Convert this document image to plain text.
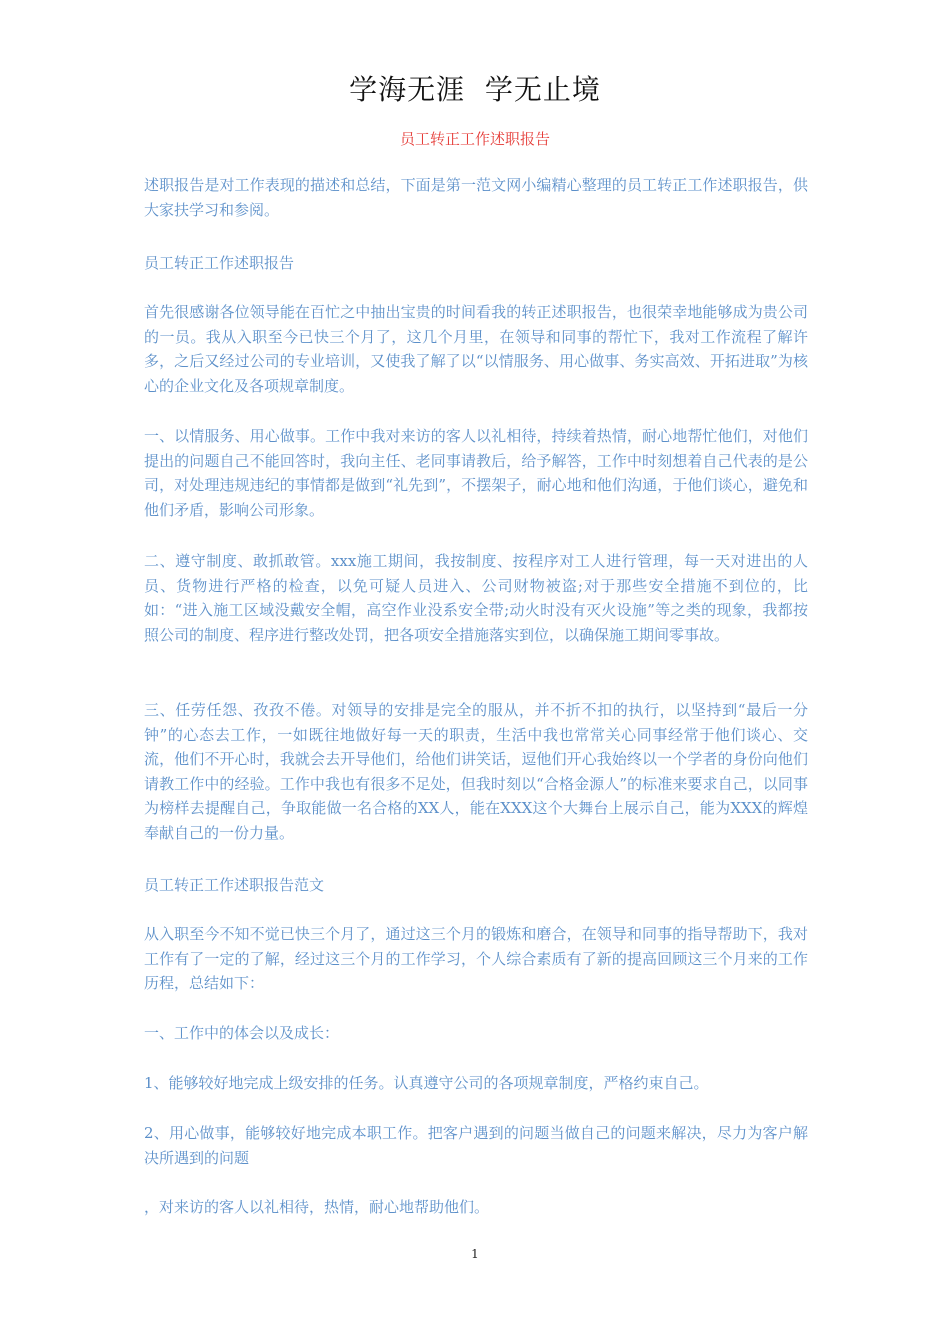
学海无涯  学无止境
员工转正工作述职报告

述职报告是对工作表现的描述和总结，下面是第一范文网小编精心整理的员工转正工作述职报告，供大家扶学习和参阅。

员工转正工作述职报告

首先很感谢各位领导能在百忙之中抽出宝贵的时间看我的转正述职报告，也很荣幸地能够成为贵公司的一员。我从入职至今已快三个月了，这几个月里，在领导和同事的帮忙下，我对工作流程了解许多，之后又经过公司的专业培训，又使我了解了以“以情服务、用心做事、务实高效、开拓进取”为核心的企业文化及各项规章制度。

一、以情服务、用心做事。工作中我对来访的客人以礼相待，持续着热情，耐心地帮忙他们，对他们提出的问题自己不能回答时，我向主任、老同事请教后，给予解答，工作中时刻想着自己代表的是公司，对处理违规违纪的事情都是做到“礼先到”，不摆架子，耐心地和他们沟通，于他们谈心，避免和他们矛盾，影响公司形象。

二、遵守制度、敢抓敢管。xxx施工期间，我按制度、按程序对工人进行管理，每一天对进出的人员、货物进行严格的检查，以免可疑人员进入、公司财物被盗;对于那些安全措施不到位的，比如：“进入施工区域没戴安全帽，高空作业没系安全带;动火时没有灭火设施”等之类的现象，我都按照公司的制度、程序进行整改处罚，把各项安全措施落实到位，以确保施工期间零事故。

三、任劳任怨、孜孜不倦。对领导的安排是完全的服从，并不折不扣的执行，以坚持到“最后一分钟”的心态去工作，一如既往地做好每一天的职责，生活中我也常常关心同事经常于他们谈心、交流，他们不开心时，我就会去开导他们，给他们讲笑话，逗他们开心我始终以一个学者的身份向他们请教工作中的经验。工作中我也有很多不足处，但我时刻以“合格金源人”的标准来要求自己，以同事为榜样去提醒自己，争取能做一名合格的XX人，能在XXX这个大舞台上展示自己，能为XXX的辉煌奉献自己的一份力量。

员工转正工作述职报告范文

从入职至今不知不觉已快三个月了，通过这三个月的锻炼和磨合，在领导和同事的指导帮助下，我对工作有了一定的了解，经过这三个月的工作学习，个人综合素质有了新的提高回顾这三个月来的工作历程，总结如下：

一、工作中的体会以及成长：

1、能够较好地完成上级安排的任务。认真遵守公司的各项规章制度，严格约束自己。

2、用心做事，能够较好地完成本职工作。把客户遇到的问题当做自己的问题来解决，尽力为客户解决所遇到的问题

，对来访的客人以礼相待，热情，耐心地帮助他们。

1
